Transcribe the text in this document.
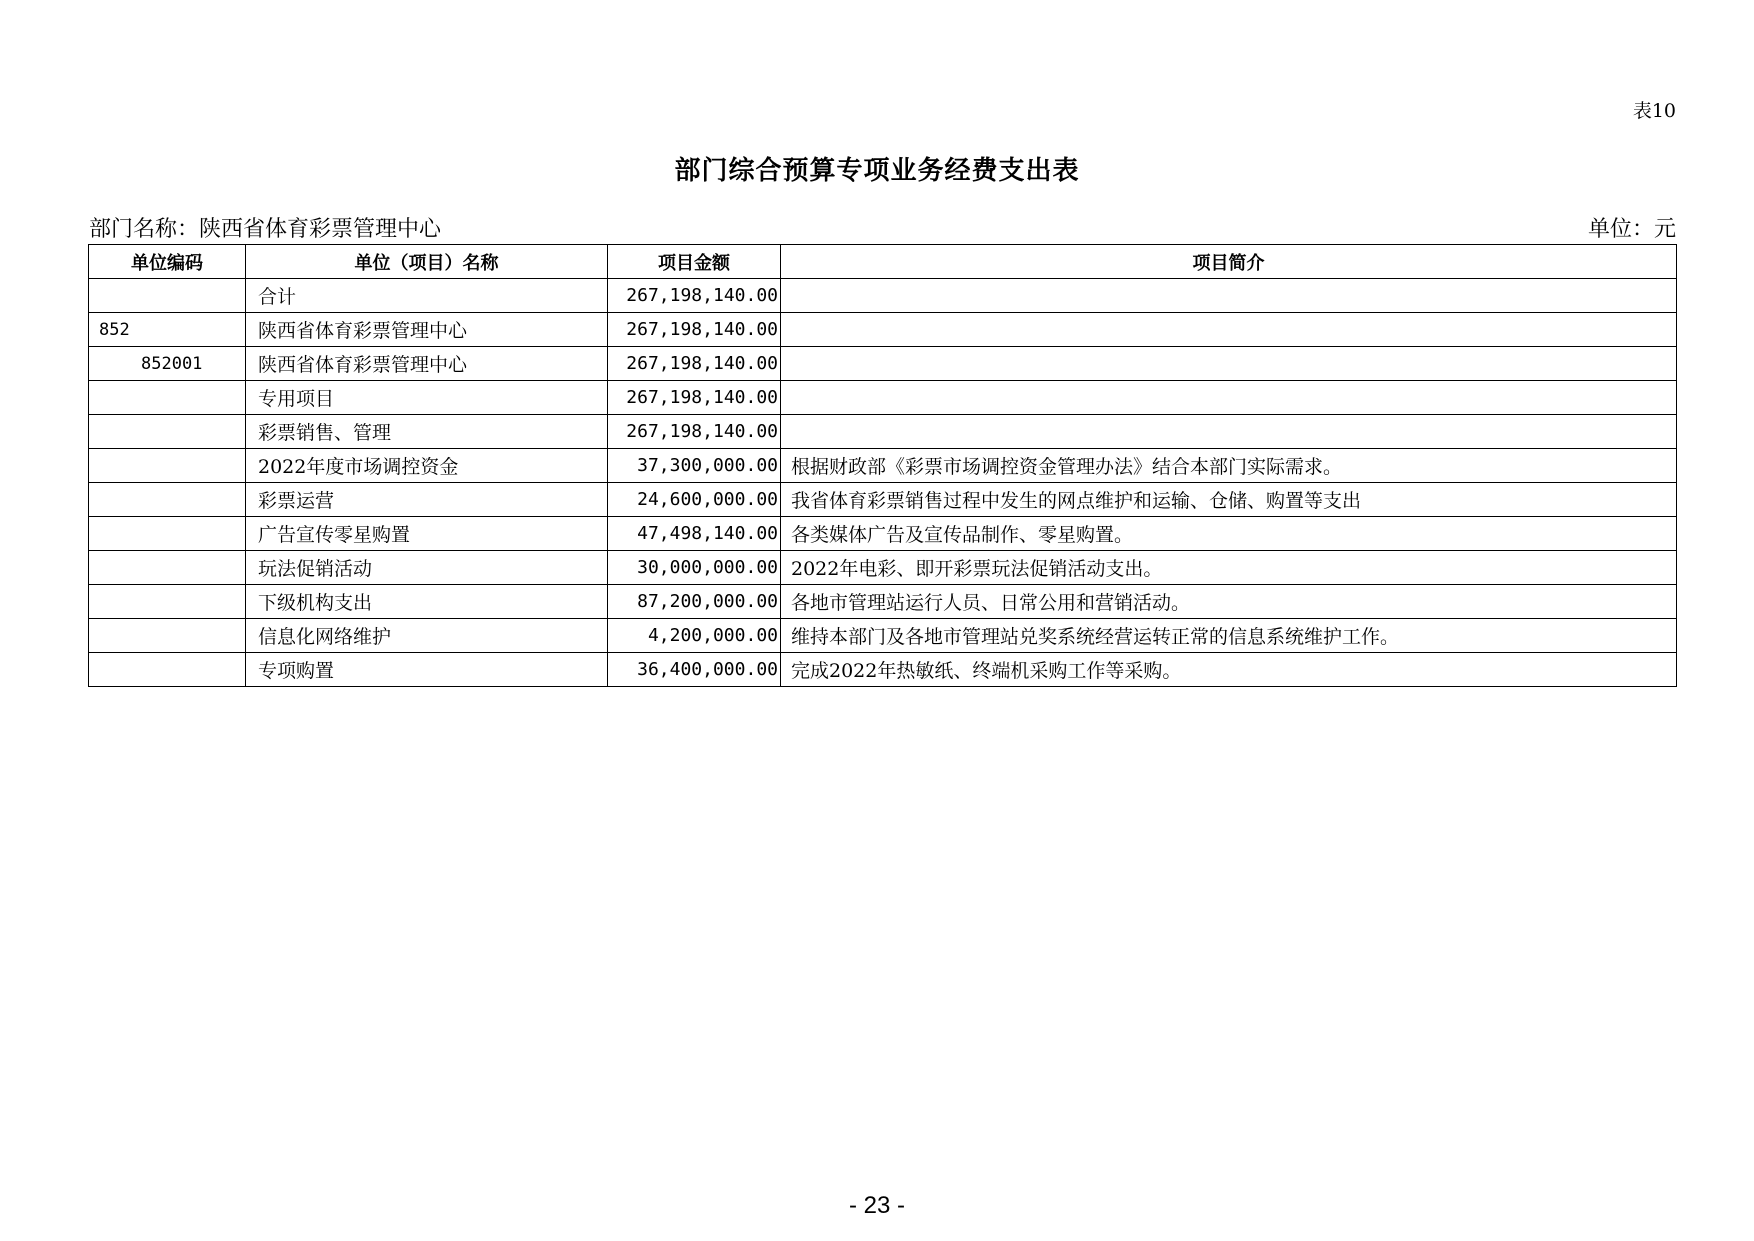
表10
部门综合预算专项业务经费支出表
部门名称：陕西省体育彩票管理中心	单位：元
单位编码	单位（项目）名称	项目金额	项目简介
	合计	267,198,140.00	
852	陕西省体育彩票管理中心	267,198,140.00	
852001	陕西省体育彩票管理中心	267,198,140.00	
	专用项目	267,198,140.00	
	彩票销售、管理	267,198,140.00	
	2022年度市场调控资金	37,300,000.00	根据财政部《彩票市场调控资金管理办法》结合本部门实际需求。
	彩票运营	24,600,000.00	我省体育彩票销售过程中发生的网点维护和运输、仓储、购置等支出
	广告宣传零星购置	47,498,140.00	各类媒体广告及宣传品制作、零星购置。
	玩法促销活动	30,000,000.00	2022年电彩、即开彩票玩法促销活动支出。
	下级机构支出	87,200,000.00	各地市管理站运行人员、日常公用和营销活动。
	信息化网络维护	4,200,000.00	维持本部门及各地市管理站兑奖系统经营运转正常的信息系统维护工作。
	专项购置	36,400,000.00	完成2022年热敏纸、终端机采购工作等采购。
- 23 -
